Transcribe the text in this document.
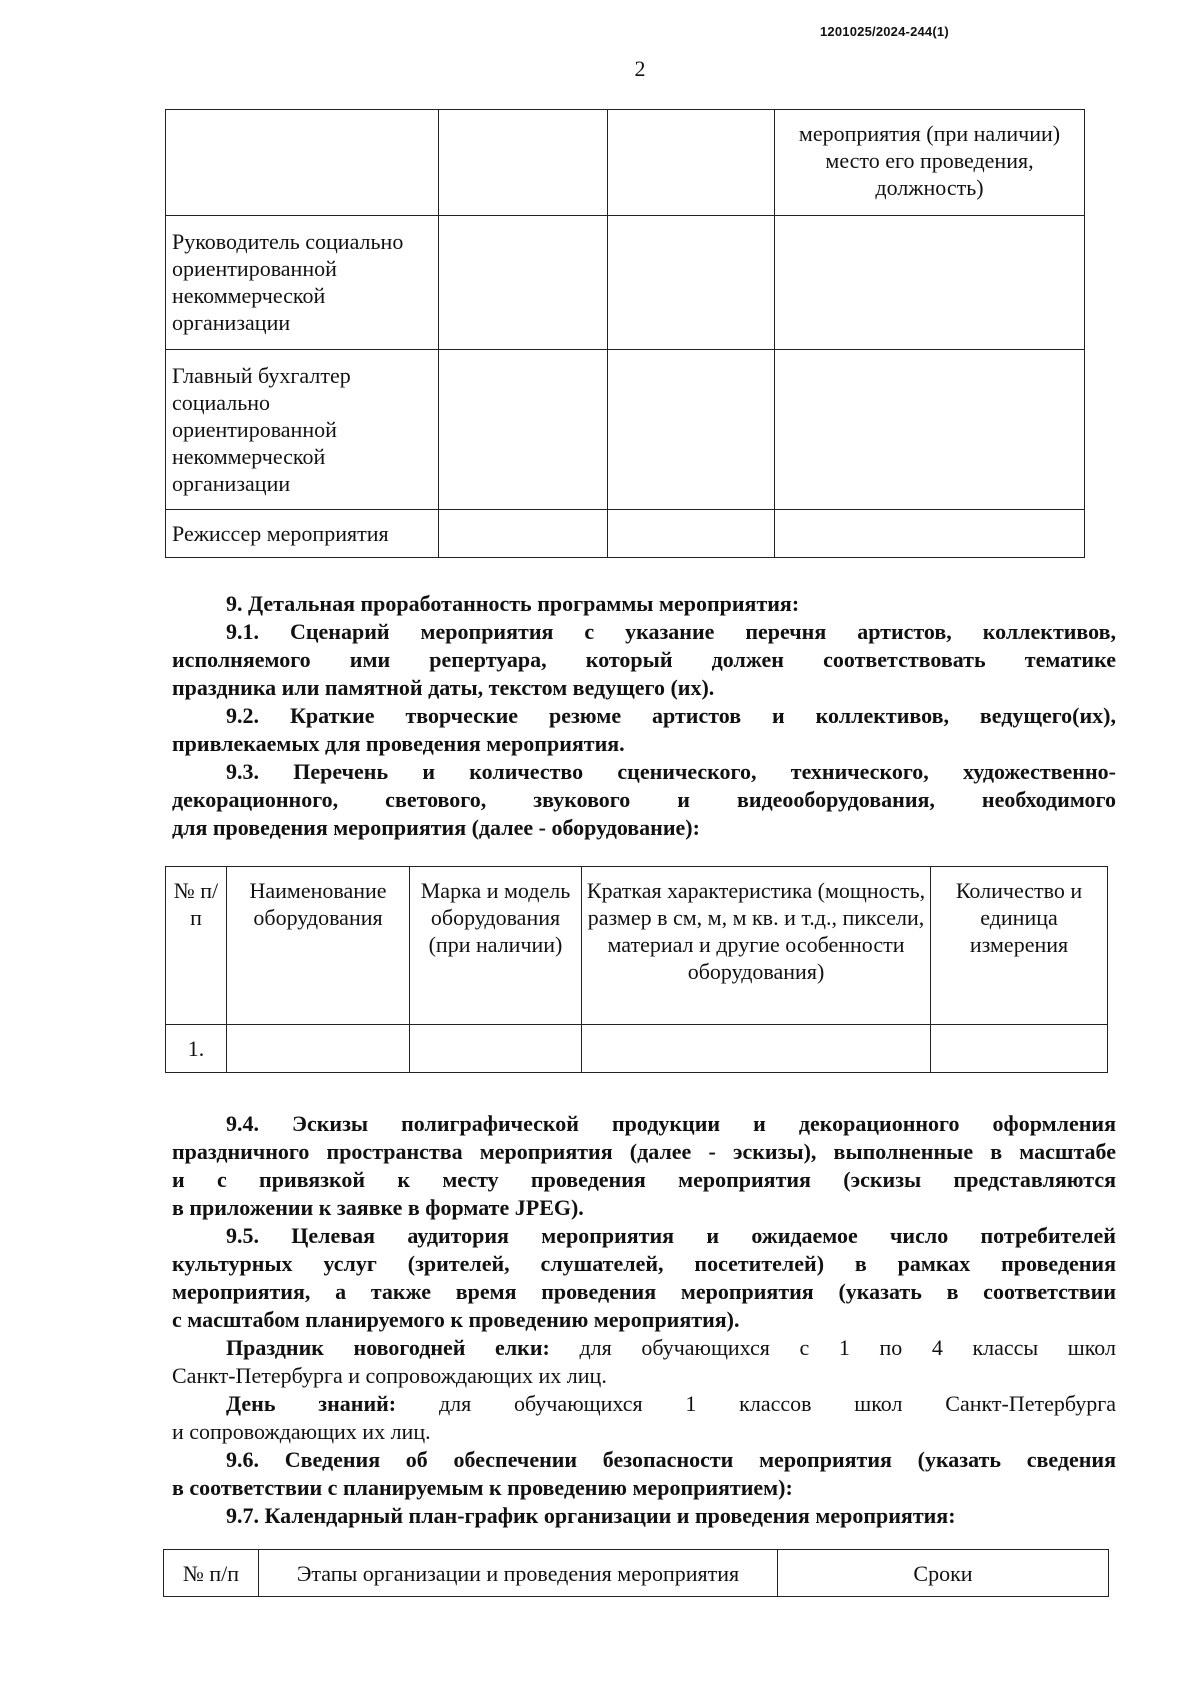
1201025/2024-244(1)
2
			мероприятия (при наличии) место его проведения, должность)
Руководитель социально ориентированной некоммерческой организации			
Главный бухгалтер социально ориентированной некоммерческой организации			
Режиссер мероприятия			
9. Детальная проработанность программы мероприятия:
9.1. Сценарий мероприятия с указание перечня артистов, коллективов,
исполняемого ими репертуара, который должен соответствовать тематике
праздника или памятной даты, текстом ведущего (их).
9.2. Краткие творческие резюме артистов и коллективов, ведущего(их),
привлекаемых для проведения мероприятия.
9.3. Перечень и количество сценического, технического, художественно-
декорационного, светового, звукового и видеооборудования, необходимого
для проведения мероприятия (далее - оборудование):
№ п/п	Наименование оборудования	Марка и модель оборудования (при наличии)	Краткая характеристика (мощность, размер в см, м, м кв. и т.д., пиксели, материал и другие особенности оборудования)	Количество и единица измерения
1.				
9.4. Эскизы полиграфической продукции и декорационного оформления
праздничного пространства мероприятия (далее - эскизы), выполненные в масштабе
и с привязкой к месту проведения мероприятия (эскизы представляются
в приложении к заявке в формате JPEG).
9.5. Целевая аудитория мероприятия и ожидаемое число потребителей
культурных услуг (зрителей, слушателей, посетителей) в рамках проведения
мероприятия, а также время проведения мероприятия (указать в соответствии
с масштабом планируемого к проведению мероприятия).
Праздник новогодней елки: для обучающихся с 1 по 4 классы школ
Санкт-Петербурга и сопровождающих их лиц.
День знаний: для обучающихся 1 классов школ Санкт-Петербурга
и сопровождающих их лиц.
9.6. Сведения об обеспечении безопасности мероприятия (указать сведения
в соответствии с планируемым к проведению мероприятием):
9.7. Календарный план-график организации и проведения мероприятия:
№ п/п	Этапы организации и проведения мероприятия	Сроки
